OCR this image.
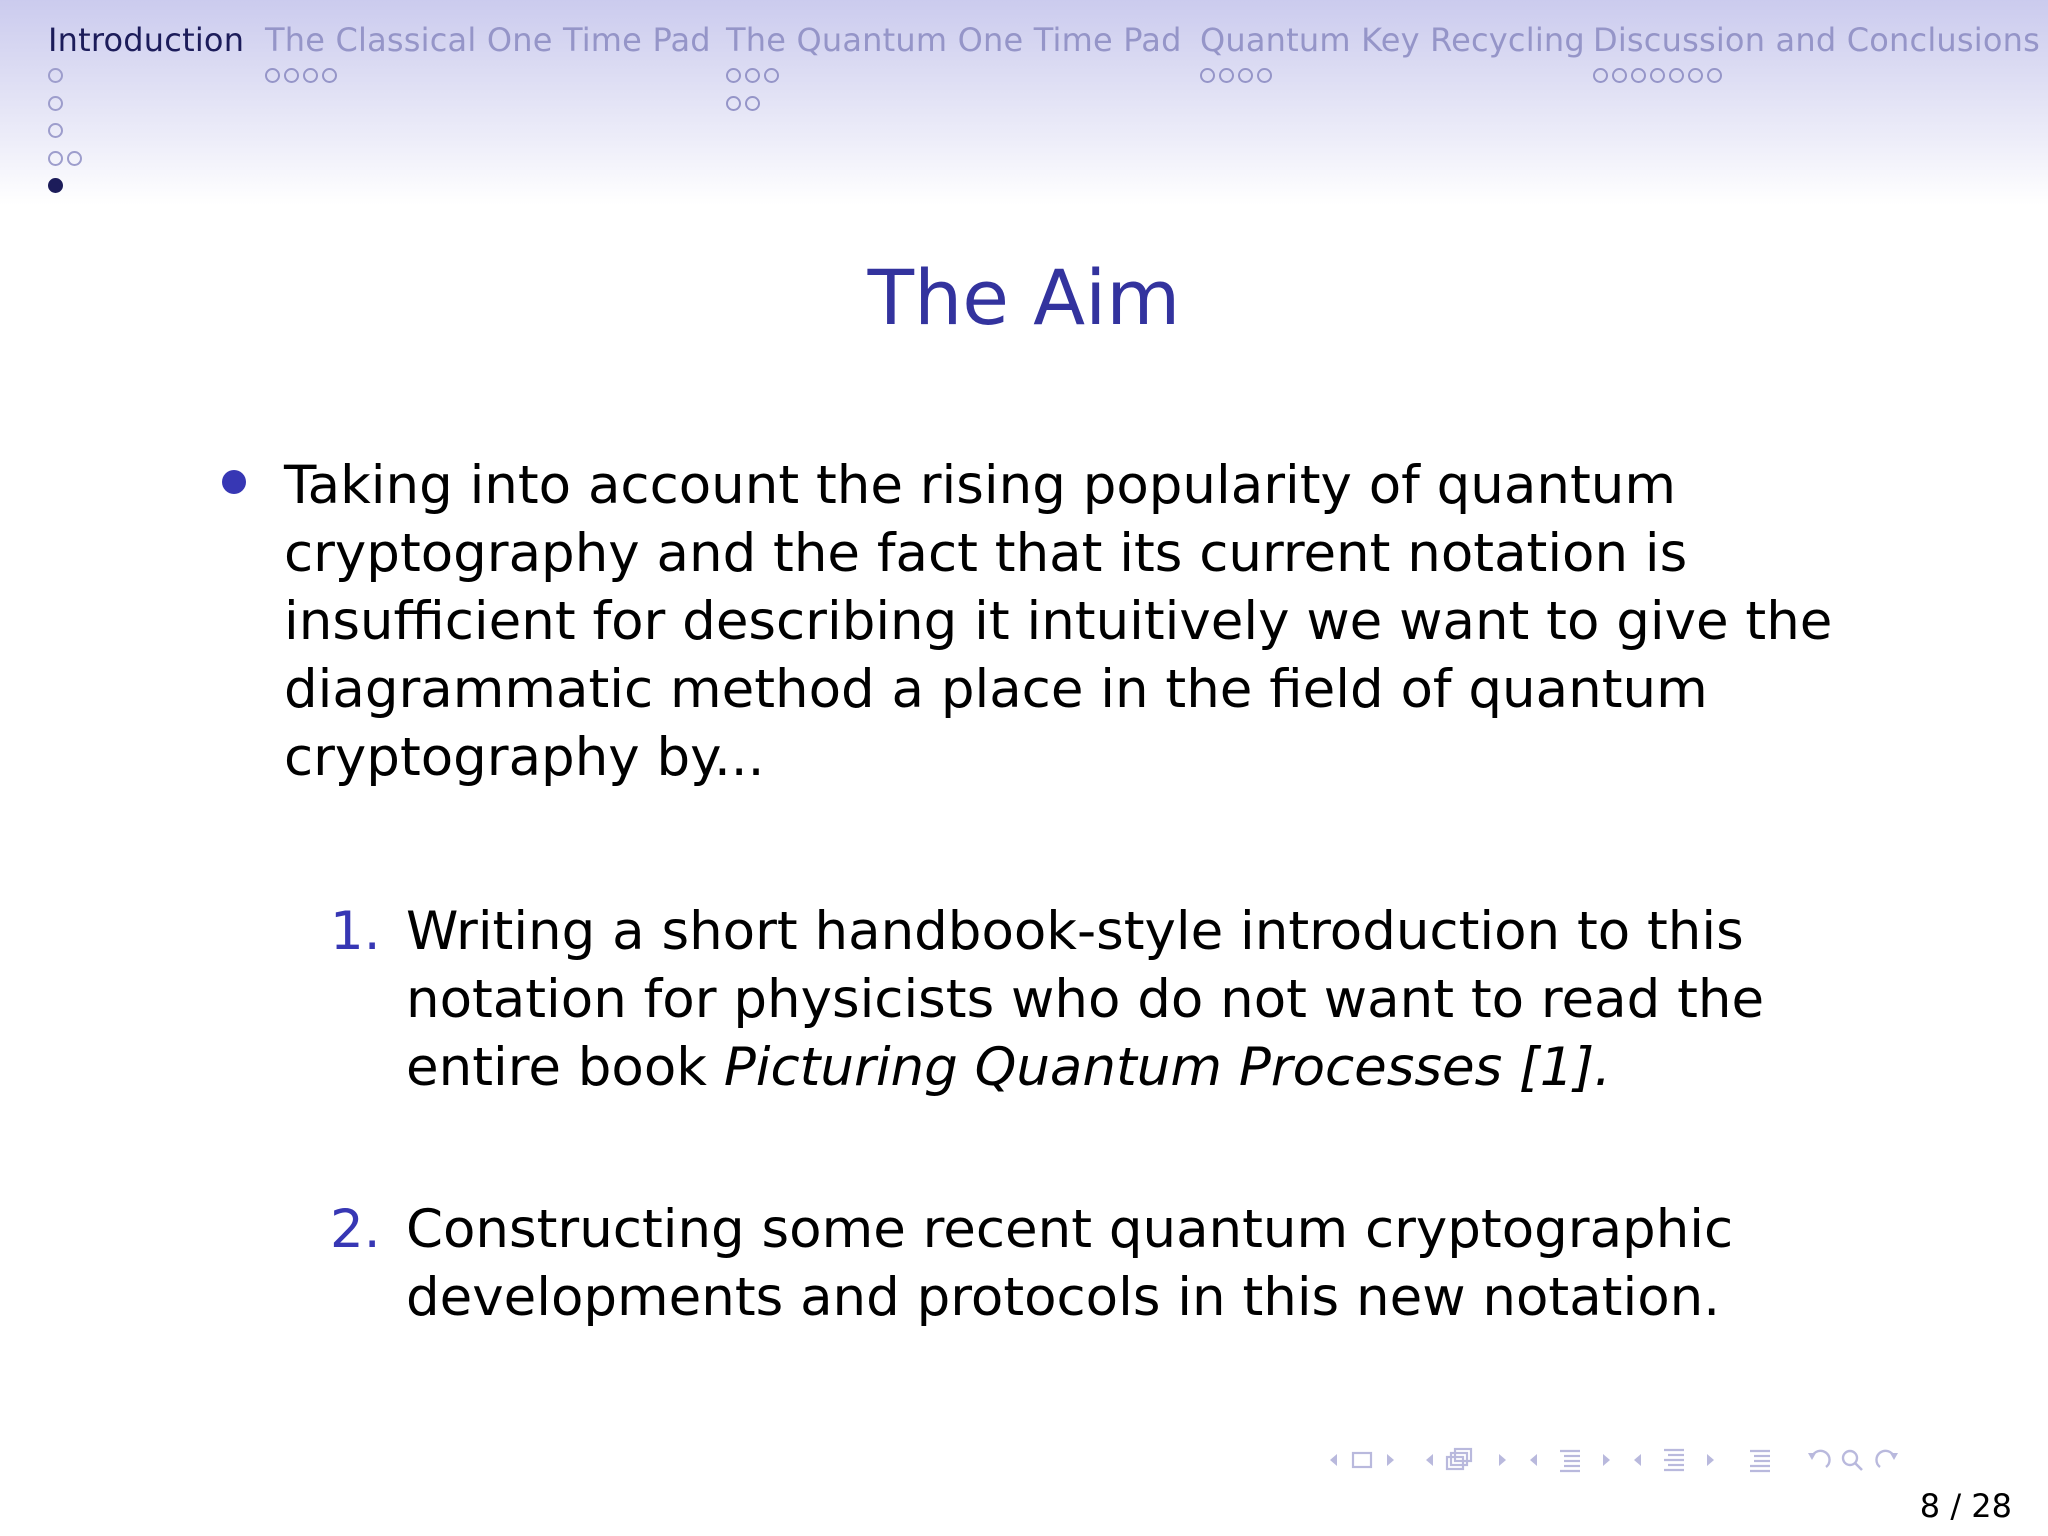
Introduction The Classical One Time Pad The Quantum One Time Pad Quantum Key Recycling Discussion and Conclusions
The Aim
Taking into account the rising popularity of quantum cryptography and the fact that its current notation is insufficient for describing it intuitively we want to give the diagrammatic method a place in the field of quantum cryptography by...
1. Writing a short handbook-style introduction to this notation for physicists who do not want to read the entire book Picturing Quantum Processes [1].
2. Constructing some recent quantum cryptographic developments and protocols in this new notation.
8 / 28
